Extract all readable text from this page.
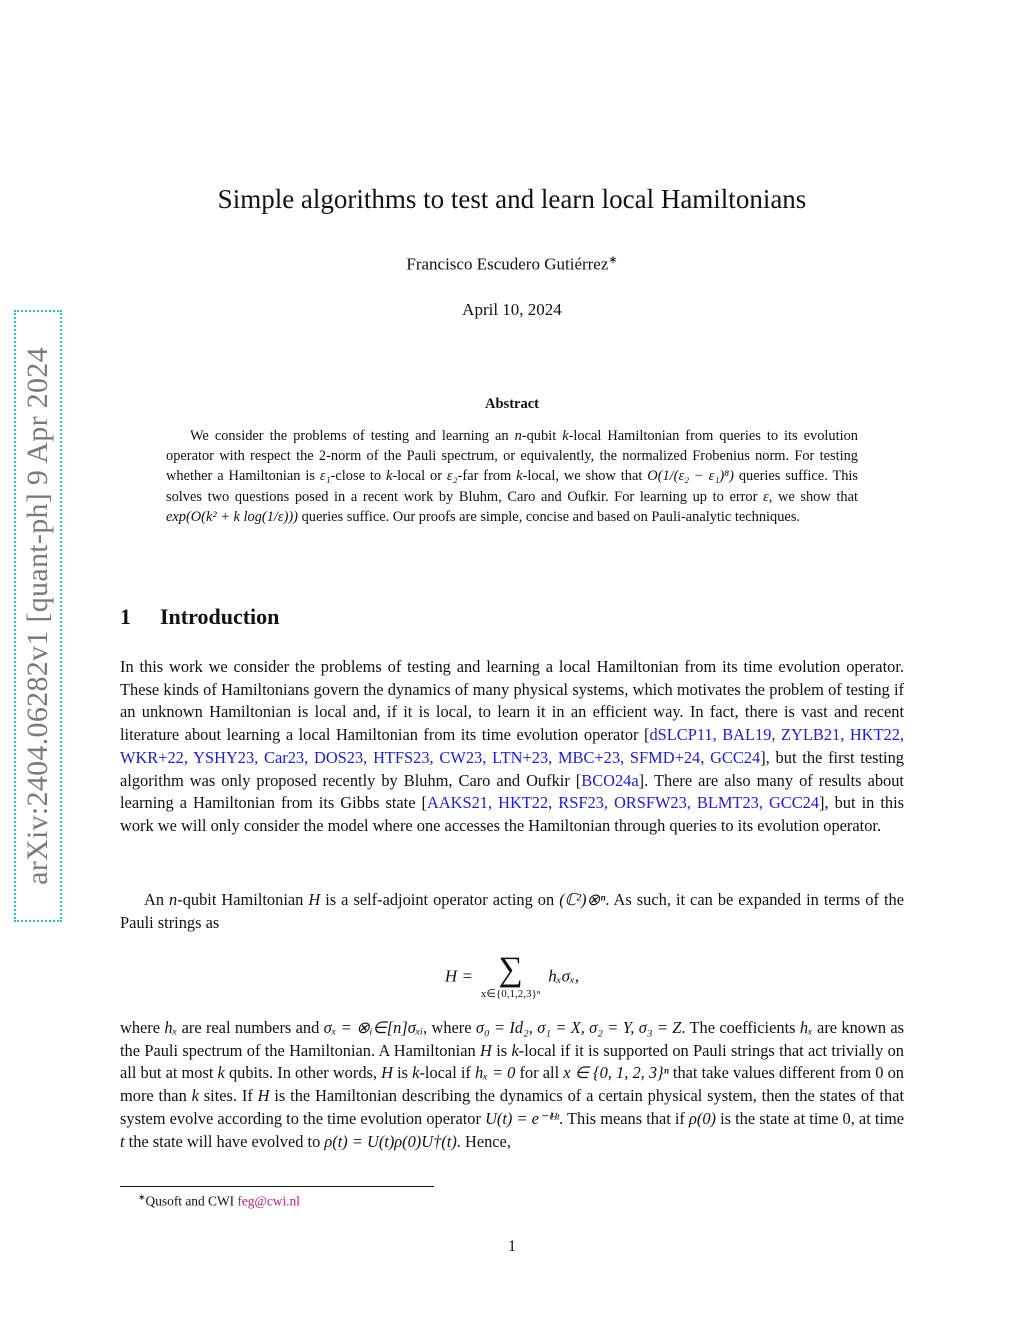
arXiv:2404.06282v1 [quant-ph] 9 Apr 2024
Simple algorithms to test and learn local Hamiltonians
Francisco Escudero Gutiérrez∗
April 10, 2024
Abstract
We consider the problems of testing and learning an n-qubit k-local Hamiltonian from queries to its evolution operator with respect the 2-norm of the Pauli spectrum, or equivalently, the normalized Frobenius norm. For testing whether a Hamiltonian is ε₁-close to k-local or ε₂-far from k-local, we show that O(1/(ε₂ − ε₁)⁸) queries suffice. This solves two questions posed in a recent work by Bluhm, Caro and Oufkir. For learning up to error ε, we show that exp(O(k² + k log(1/ε))) queries suffice. Our proofs are simple, concise and based on Pauli-analytic techniques.
1 Introduction
In this work we consider the problems of testing and learning a local Hamiltonian from its time evolution operator. These kinds of Hamiltonians govern the dynamics of many physical systems, which motivates the problem of testing if an unknown Hamiltonian is local and, if it is local, to learn it in an efficient way. In fact, there is vast and recent literature about learning a local Hamiltonian from its time evolution operator [dSLCP11, BAL19, ZYLB21, HKT22, WKR+22, YSHY23, Car23, DOS23, HTFS23, CW23, LTN+23, MBC+23, SFMD+24, GCC24], but the first testing algorithm was only proposed recently by Bluhm, Caro and Oufkir [BCO24a]. There are also many of results about learning a Hamiltonian from its Gibbs state [AAKS21, HKT22, RSF23, ORSFW23, BLMT23, GCC24], but in this work we will only consider the model where one accesses the Hamiltonian through queries to its evolution operator.
An n-qubit Hamiltonian H is a self-adjoint operator acting on (ℂ²)⊗ⁿ. As such, it can be expanded in terms of the Pauli strings as
H = ∑
x∈{0,1,2,3}ⁿ
hₓσₓ,
where hₓ are real numbers and σₓ = ⊗ᵢ∈[n]σₓᵢ, where σ₀ = Id₂, σ₁ = X, σ₂ = Y, σ₃ = Z. The coefficients hₓ are known as the Pauli spectrum of the Hamiltonian. A Hamiltonian H is k-local if it is supported on Pauli strings that act trivially on all but at most k qubits. In other words, H is k-local if hₓ = 0 for all x ∈ {0, 1, 2, 3}ⁿ that take values different from 0 on more than k sites. If H is the Hamiltonian describing the dynamics of a certain physical system, then the states of that system evolve according to the time evolution operator U(t) = e⁻ⁱᴴᵗ. This means that if ρ(0) is the state at time 0, at time t the state will have evolved to ρ(t) = U(t)ρ(0)U†(t). Hence,
∗Qusoft and CWI feg@cwi.nl
1
